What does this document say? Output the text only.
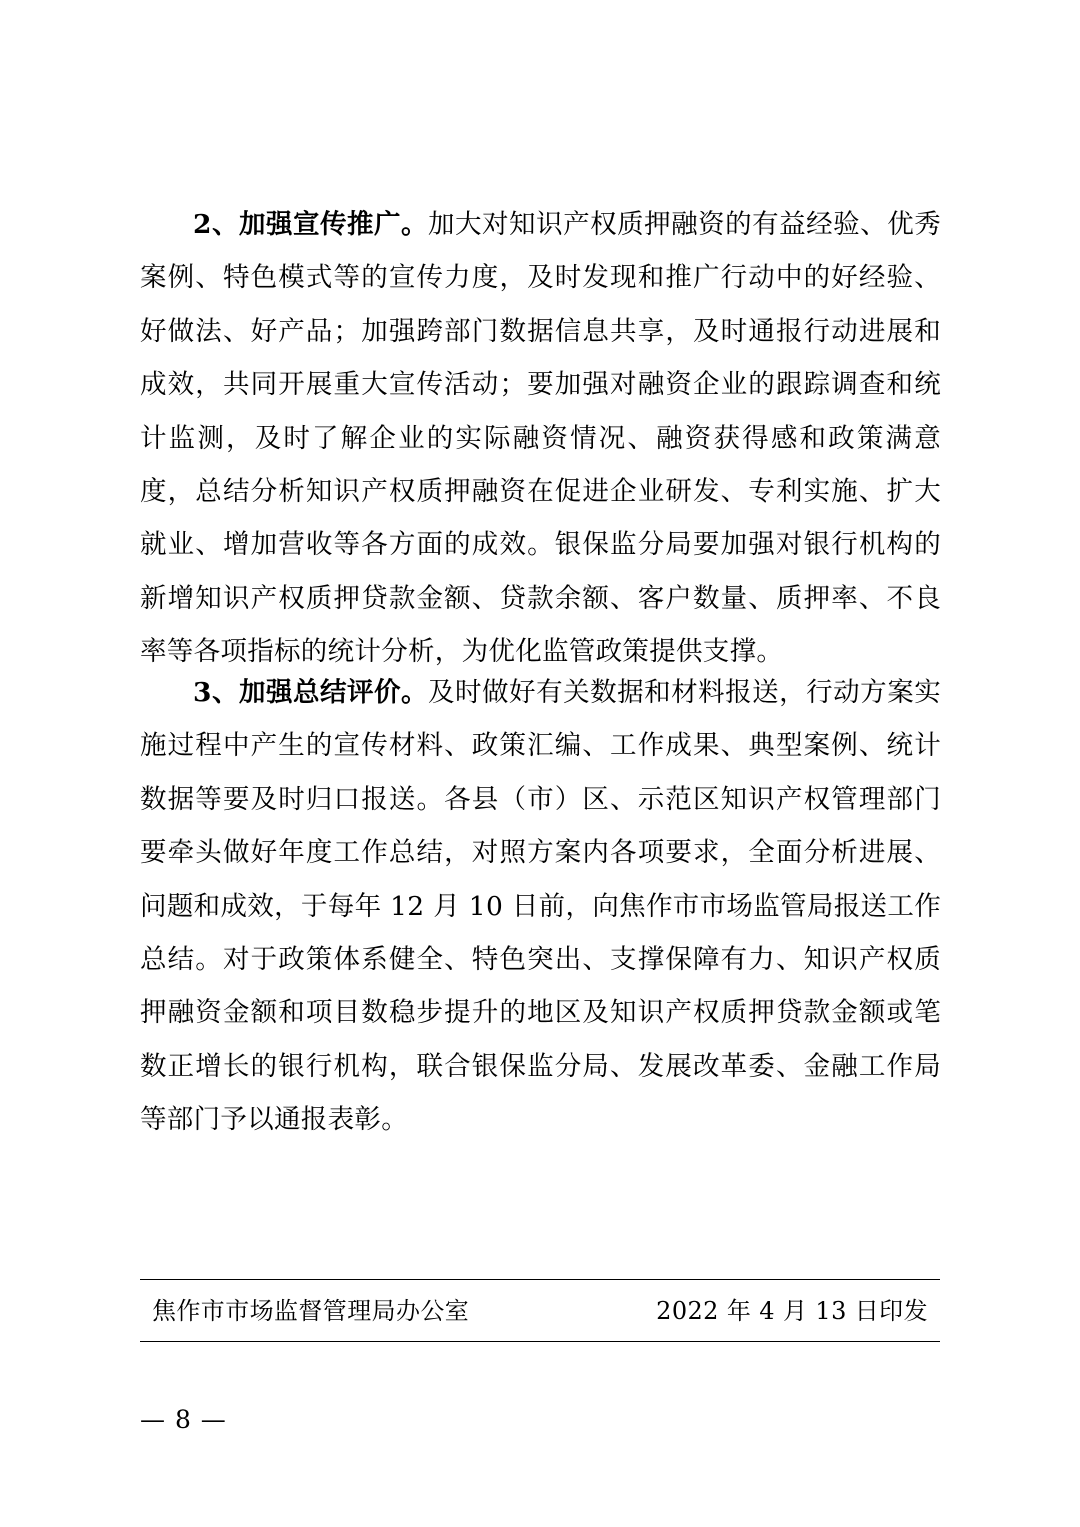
2、加强宣传推广。加大对知识产权质押融资的有益经验、优秀案例、特色模式等的宣传力度，及时发现和推广行动中的好经验、好做法、好产品；加强跨部门数据信息共享，及时通报行动进展和成效，共同开展重大宣传活动；要加强对融资企业的跟踪调查和统计监测，及时了解企业的实际融资情况、融资获得感和政策满意度，总结分析知识产权质押融资在促进企业研发、专利实施、扩大就业、增加营收等各方面的成效。银保监分局要加强对银行机构的新增知识产权质押贷款金额、贷款余额、客户数量、质押率、不良率等各项指标的统计分析，为优化监管政策提供支撑。

3、加强总结评价。及时做好有关数据和材料报送，行动方案实施过程中产生的宣传材料、政策汇编、工作成果、典型案例、统计数据等要及时归口报送。各县（市）区、示范区知识产权管理部门要牵头做好年度工作总结，对照方案内各项要求，全面分析进展、问题和成效，于每年 12 月 10 日前，向焦作市市场监管局报送工作总结。对于政策体系健全、特色突出、支撑保障有力、知识产权质押融资金额和项目数稳步提升的地区及知识产权质押贷款金额或笔数正增长的银行机构，联合银保监分局、发展改革委、金融工作局等部门予以通报表彰。

焦作市市场监督管理局办公室	2022 年 4 月 13 日印发
— 8 —
